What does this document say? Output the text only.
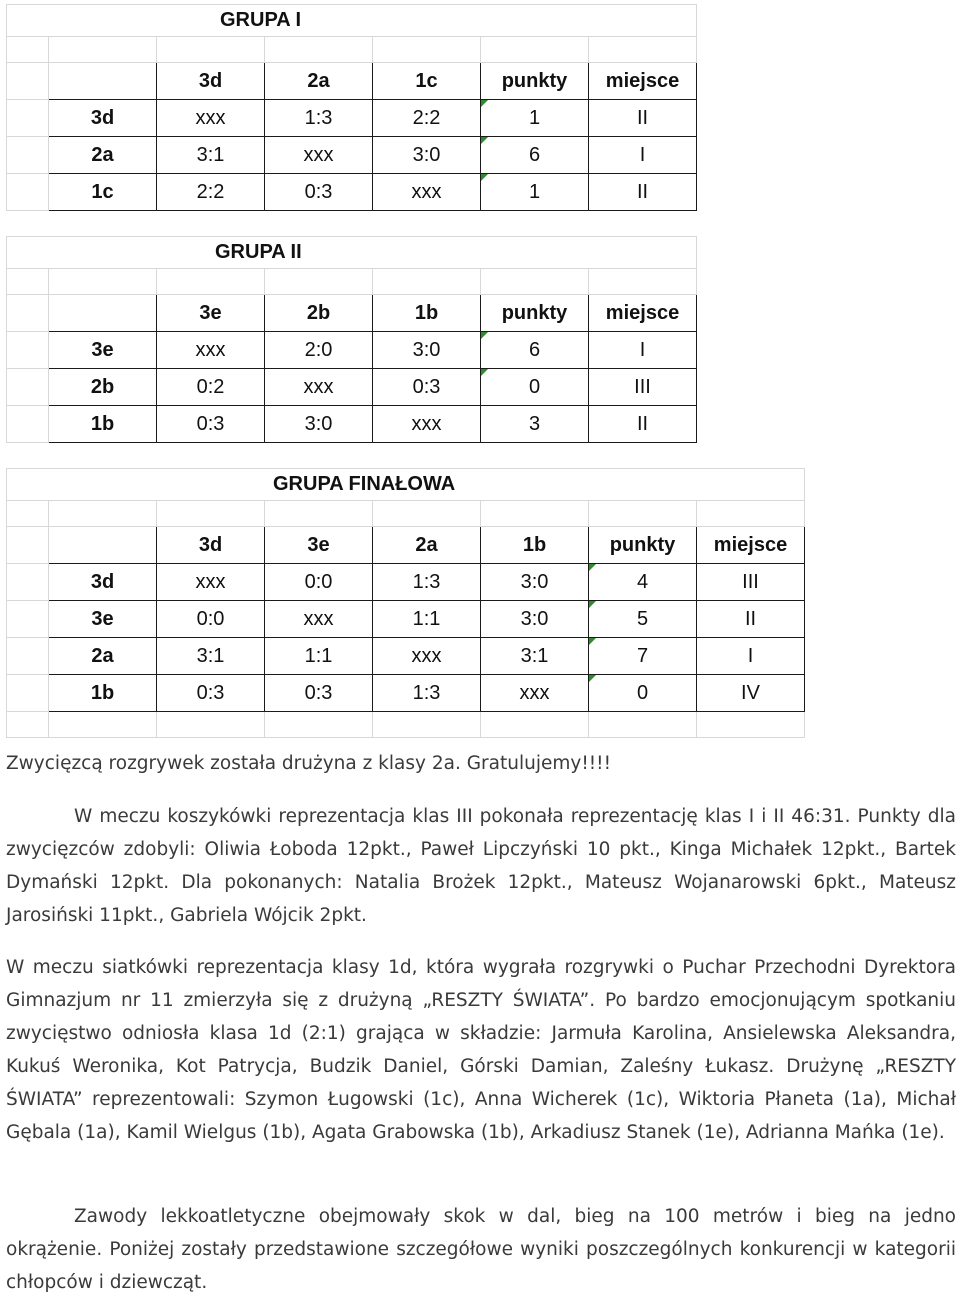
	GRUPA I					

		3d	2a	1c	punkty	miejsce
	3d	xxx	1:3	2:2	1	II
	2a	3:1	xxx	3:0	6	I
	1c	2:2	0:3	xxx	1	II
	GRUPA II					

		3e	2b	1b	punkty	miejsce
	3e	xxx	2:0	3:0	6	I
	2b	0:2	xxx	0:3	0	III
	1b	0:3	3:0	xxx	3	II
	GRUPA FINAŁOWA						

		3d	3e	2a	1b	punkty	miejsce
	3d	xxx	0:0	1:3	3:0	4	III
	3e	0:0	xxx	1:1	3:0	5	II
	2a	3:1	1:1	xxx	3:1	7	I
	1b	0:3	0:3	1:3	xxx	0	IV

Zwycięzcą rozgrywek została drużyna z klasy 2a. Gratulujemy!!!!

W meczu koszykówki reprezentacja klas III pokonała reprezentację klas I i II 46:31. Punkty dla zwycięzców zdobyli: Oliwia Łoboda 12pkt., Paweł Lipczyński 10 pkt., Kinga Michałek 12pkt., Bartek Dymański 12pkt. Dla pokonanych: Natalia Brożek 12pkt., Mateusz Wojanarowski 6pkt., Mateusz Jarosiński 11pkt., Gabriela Wójcik 2pkt.

W meczu siatkówki reprezentacja klasy 1d, która wygrała rozgrywki o Puchar Przechodni Dyrektora Gimnazjum nr 11 zmierzyła się z drużyną „RESZTY ŚWIATA”. Po bardzo emocjonującym spotkaniu zwycięstwo odniosła klasa 1d (2:1) grająca w składzie: Jarmuła Karolina, Ansielewska Aleksandra, Kukuś Weronika, Kot Patrycja, Budzik Daniel, Górski Damian, Zaleśny Łukasz. Drużynę „RESZTY ŚWIATA” reprezentowali: Szymon Ługowski (1c), Anna Wicherek (1c), Wiktoria Płaneta (1a), Michał Gębala (1a), Kamil Wielgus (1b), Agata Grabowska (1b), Arkadiusz Stanek (1e), Adrianna Mańka (1e).

Zawody lekkoatletyczne obejmowały skok w dal, bieg na 100 metrów i bieg na jedno okrążenie. Poniżej zostały przedstawione szczegółowe wyniki poszczególnych konkurencji w kategorii chłopców i dziewcząt.
